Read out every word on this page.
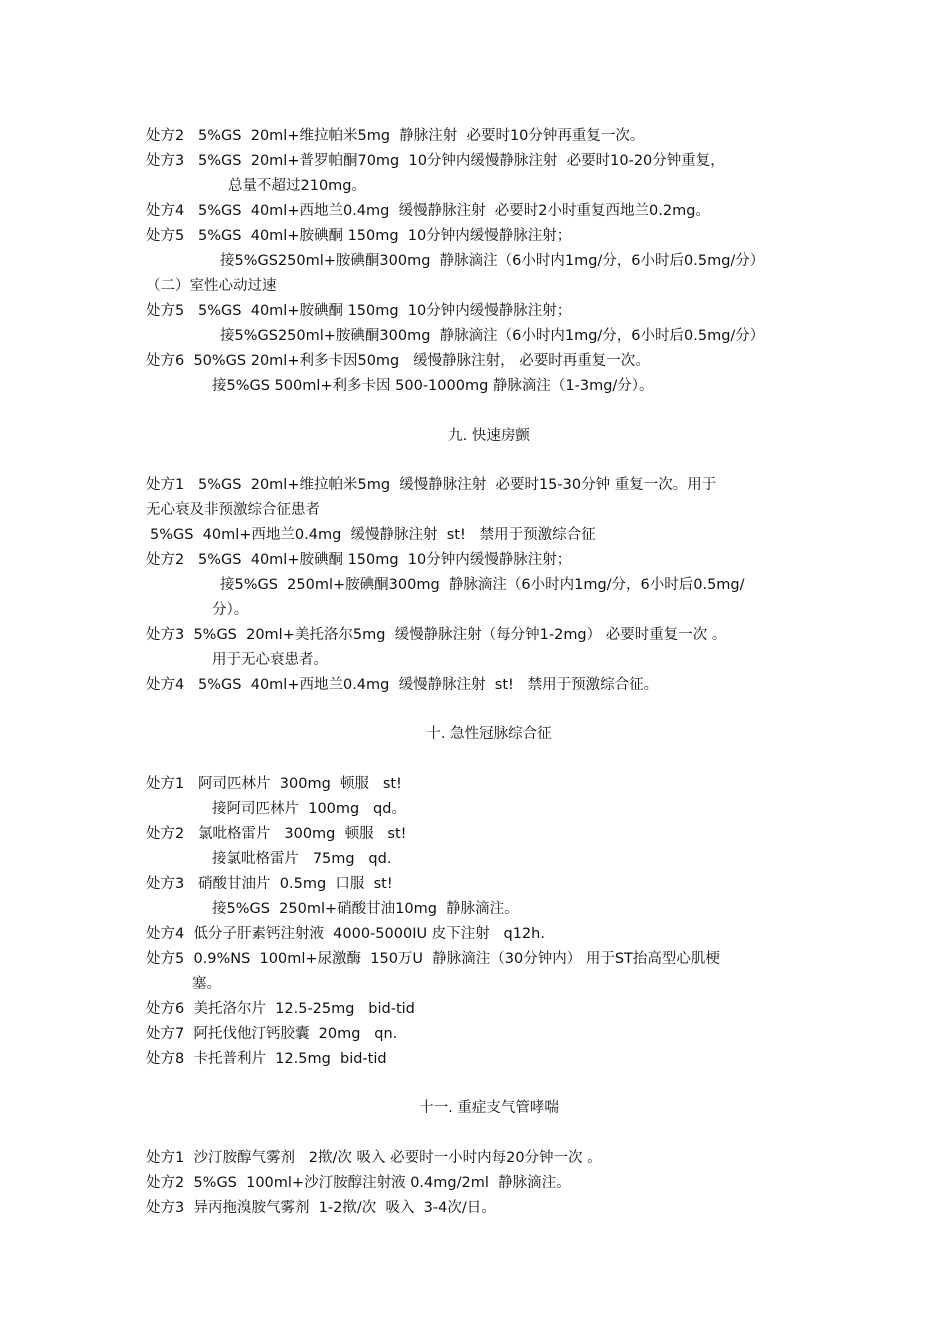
处方2   5%GS  20ml+维拉帕米5mg  静脉注射  必要时10分钟再重复一次。
处方3   5%GS  20ml+普罗帕酮70mg  10分钟内缓慢静脉注射  必要时10-20分钟重复，
总量不超过210mg。
处方4   5%GS  40ml+西地兰0.4mg  缓慢静脉注射  必要时2小时重复西地兰0.2mg。
处方5   5%GS  40ml+胺碘酮 150mg  10分钟内缓慢静脉注射；
接5%GS250ml+胺碘酮300mg  静脉滴注（6小时内1mg/分，6小时后0.5mg/分）
（二）室性心动过速
处方5   5%GS  40ml+胺碘酮 150mg  10分钟内缓慢静脉注射；
接5%GS250ml+胺碘酮300mg  静脉滴注（6小时内1mg/分，6小时后0.5mg/分）
处方6  50%GS 20ml+利多卡因50mg   缓慢静脉注射， 必要时再重复一次。
接5%GS 500ml+利多卡因 500-1000mg 静脉滴注（1-3mg/分）。
九. 快速房颤
处方1   5%GS  20ml+维拉帕米5mg  缓慢静脉注射  必要时15-30分钟 重复一次。用于
无心衰及非预激综合征患者
5%GS  40ml+西地兰0.4mg  缓慢静脉注射  st!   禁用于预激综合征
处方2   5%GS  40ml+胺碘酮 150mg  10分钟内缓慢静脉注射；
接5%GS  250ml+胺碘酮300mg  静脉滴注（6小时内1mg/分，6小时后0.5mg/
分）。
处方3  5%GS  20ml+美托洛尔5mg  缓慢静脉注射（每分钟1-2mg） 必要时重复一次 。
用于无心衰患者。
处方4   5%GS  40ml+西地兰0.4mg  缓慢静脉注射  st!   禁用于预激综合征。
十. 急性冠脉综合征
处方1   阿司匹林片  300mg  顿服   st!
接阿司匹林片  100mg   qd。
处方2   氯吡格雷片   300mg  顿服   st!
接氯吡格雷片   75mg   qd.
处方3   硝酸甘油片  0.5mg  口服  st!
接5%GS  250ml+硝酸甘油10mg  静脉滴注。
处方4  低分子肝素钙注射液  4000-5000IU 皮下注射   q12h.
处方5  0.9%NS  100ml+尿激酶  150万U  静脉滴注（30分钟内） 用于ST抬高型心肌梗
塞。
处方6  美托洛尔片  12.5-25mg   bid-tid
处方7  阿托伐他汀钙胶囊  20mg   qn.
处方8  卡托普利片  12.5mg  bid-tid
十一. 重症支气管哮喘
处方1  沙汀胺醇气雾剂   2揿/次 吸入 必要时一小时内每20分钟一次 。
处方2  5%GS  100ml+沙汀胺醇注射液 0.4mg/2ml  静脉滴注。
处方3  异丙拖溴胺气雾剂  1-2揿/次  吸入  3-4次/日。
